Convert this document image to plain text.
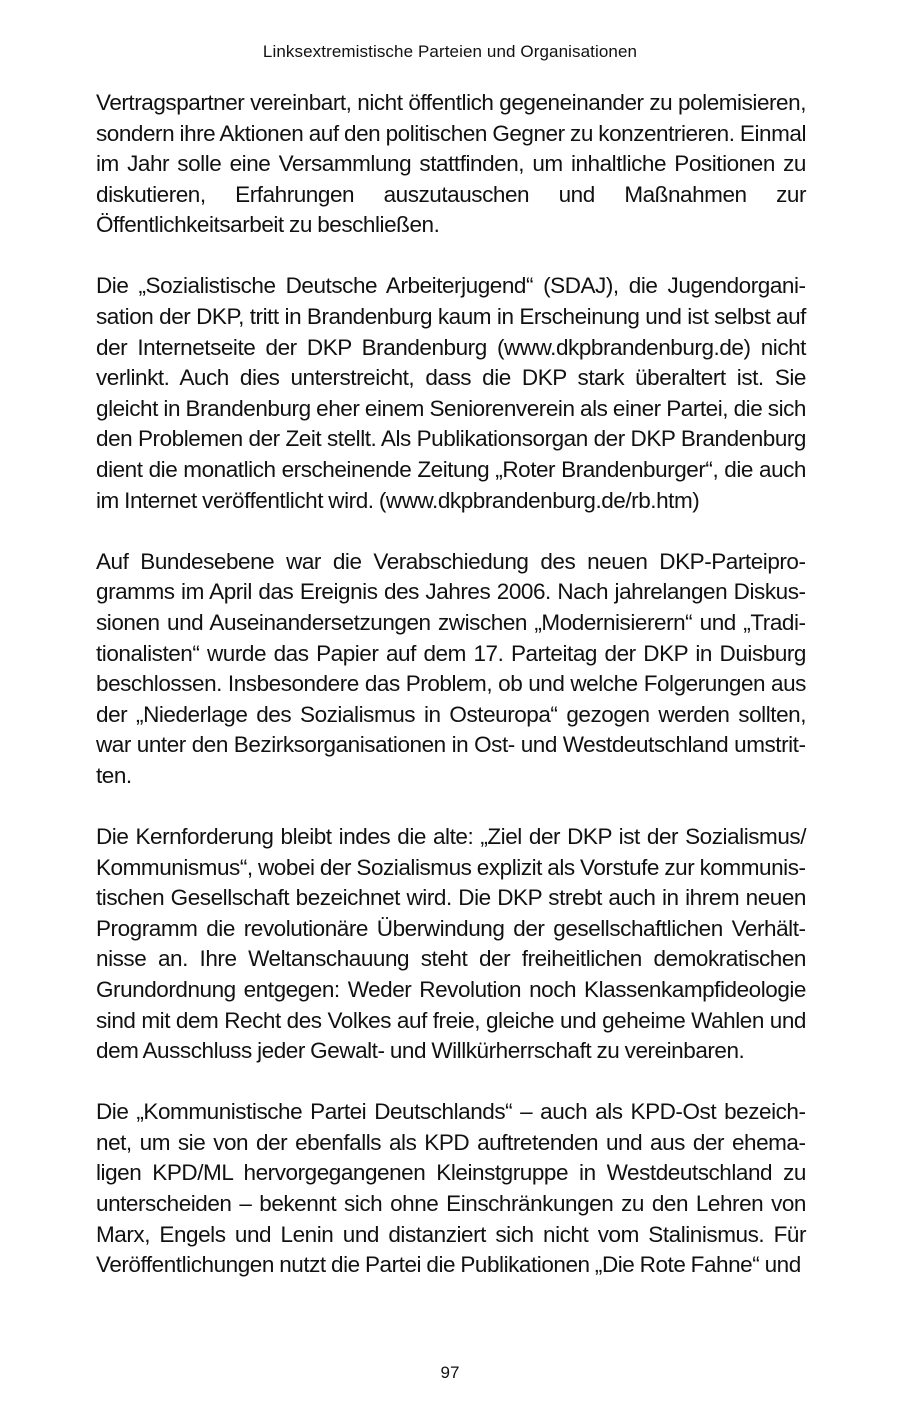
Linksextremistische Parteien und Organisationen

Vertragspartner vereinbart, nicht öffentlich gegeneinander zu polemisieren, sondern ihre Aktionen auf den politischen Gegner zu konzentrieren. Einmal im Jahr solle eine Versammlung stattfinden, um inhaltliche Positionen zu diskutieren, Erfahrungen auszutauschen und Maßnahmen zur Öffentlichkeitsarbeit zu beschließen.

Die „Sozialistische Deutsche Arbeiterjugend“ (SDAJ), die Jugendorganisation der DKP, tritt in Brandenburg kaum in Erscheinung und ist selbst auf der Internetseite der DKP Brandenburg (www.dkpbrandenburg.de) nicht verlinkt. Auch dies unterstreicht, dass die DKP stark überaltert ist. Sie gleicht in Brandenburg eher einem Seniorenverein als einer Partei, die sich den Problemen der Zeit stellt. Als Publikationsorgan der DKP Brandenburg dient die monatlich erscheinende Zeitung „Roter Brandenburger“, die auch im Internet veröffentlicht wird. (www.dkpbrandenburg.de/rb.htm)

Auf Bundesebene war die Verabschiedung des neuen DKP-Parteiprogramms im April das Ereignis des Jahres 2006. Nach jahrelangen Diskussionen und Auseinandersetzungen zwischen „Modernisierern“ und „Traditionalisten“ wurde das Papier auf dem 17. Parteitag der DKP in Duisburg beschlossen. Insbesondere das Problem, ob und welche Folgerungen aus der „Niederlage des Sozialismus in Osteuropa“ gezogen werden sollten, war unter den Bezirksorganisationen in Ost- und Westdeutschland umstritten.

Die Kernforderung bleibt indes die alte: „Ziel der DKP ist der Sozialismus/​Kommunismus“, wobei der Sozialismus explizit als Vorstufe zur kommunistischen Gesellschaft bezeichnet wird. Die DKP strebt auch in ihrem neuen Programm die revolutionäre Überwindung der gesellschaftlichen Verhältnisse an. Ihre Weltanschauung steht der freiheitlichen demokratischen Grundordnung entgegen: Weder Revolution noch Klassenkampfideologie sind mit dem Recht des Volkes auf freie, gleiche und geheime Wahlen und dem Ausschluss jeder Gewalt- und Willkürherrschaft zu vereinbaren.

Die „Kommunistische Partei Deutschlands“ – auch als KPD-Ost bezeichnet, um sie von der ebenfalls als KPD auftretenden und aus der ehemaligen KPD/ML hervorgegangenen Kleinstgruppe in Westdeutschland zu unterscheiden – bekennt sich ohne Einschränkungen zu den Lehren von Marx, Engels und Lenin und distanziert sich nicht vom Stalinismus. Für Veröffentlichungen nutzt die Partei die Publikationen „Die Rote Fahne“ und

97
